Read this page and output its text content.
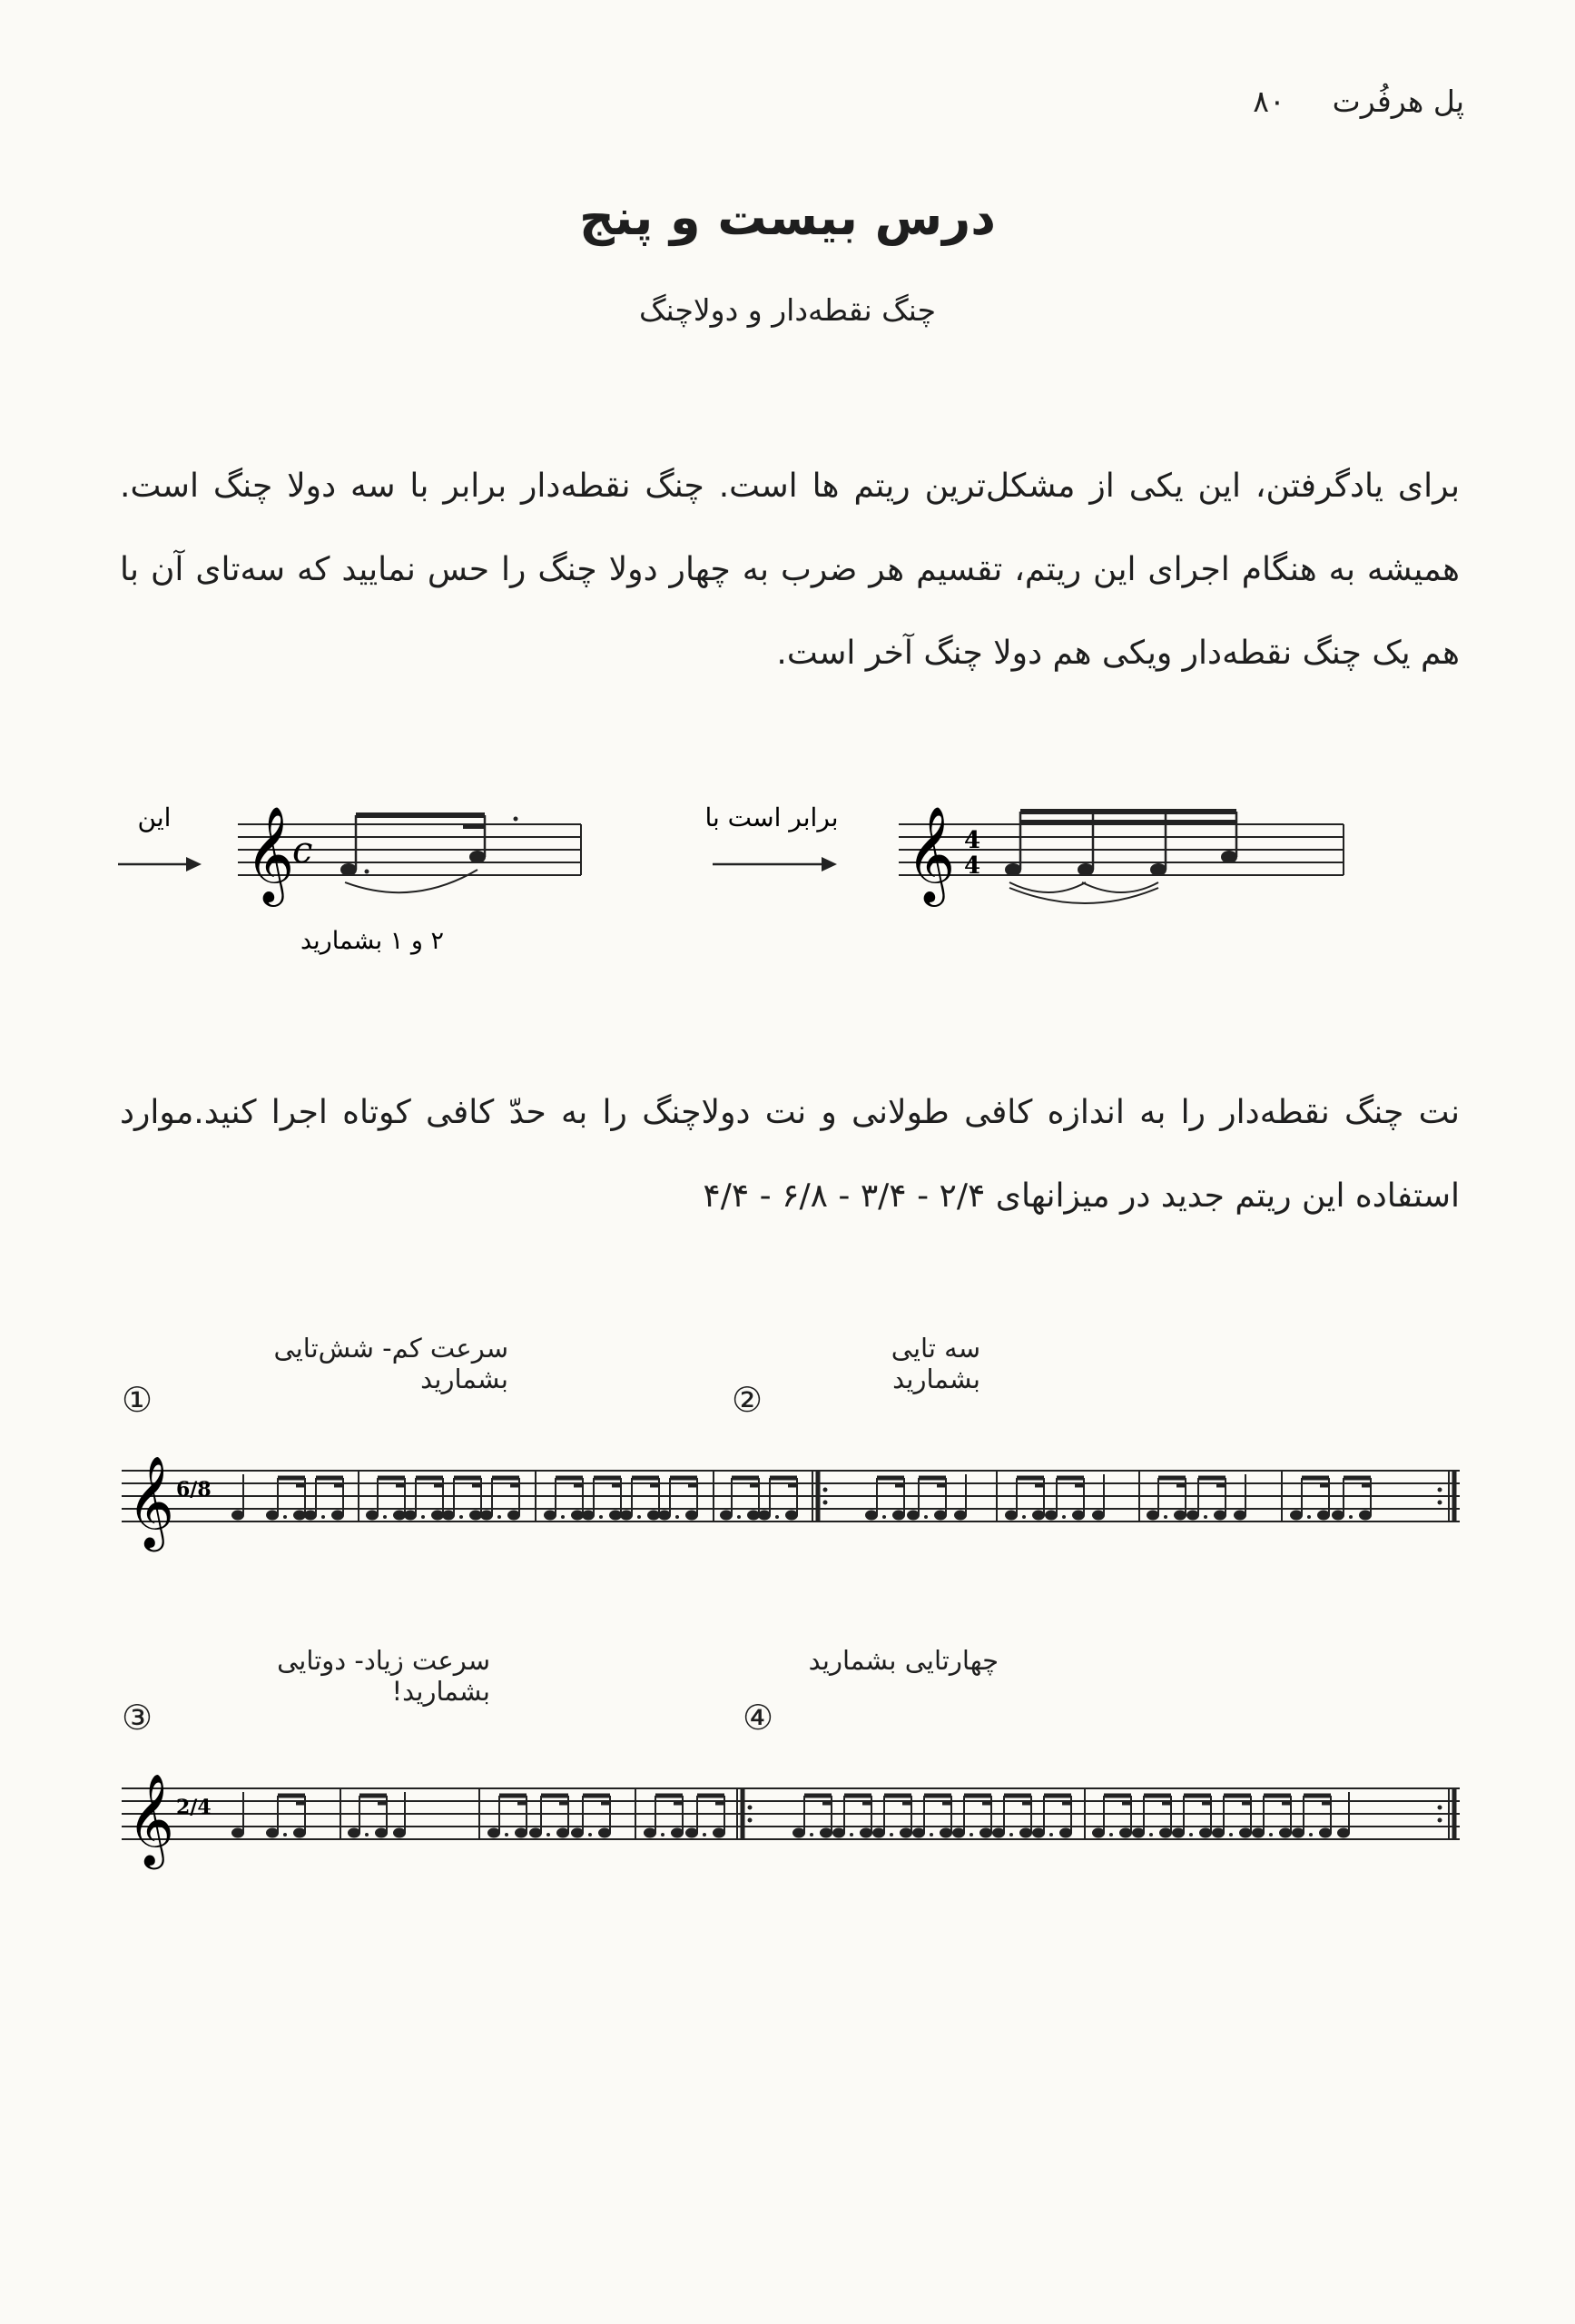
پل هرفُرت
۸۰
درس بیست و پنج
چنگ نقطه‌دار و دولاچنگ
برای یادگرفتن، این یکی از مشکل‌ترین ریتم ها است. چنگ نقطه‌دار برابر با سه دولا چنگ است. همیشه به هنگام اجرای این ریتم، تقسیم هر ضرب به چهار دولا چنگ را حس نمایید که سه‌تای آن با هم یک چنگ نقطه‌دار ویکی هم دولا چنگ آخر است.
این 𝄞
c
۲ و ۱ بشمارید
برابر است با 𝄞 4
4
نت چنگ نقطه‌دار را به اندازه کافی طولانی و نت دولاچنگ را به حدّ کافی کوتاه اجرا کنید.موارد استفاده این ریتم جدید در میزانهای ۲/۴ - ۳/۴ - ۶/۸ - ۴/۴
سرعت کم- شش‌تایی بشمارید
سه تایی بشمارید
①	②
𝄞 6/8
سرعت زیاد- دوتایی بشمارید!
چهارتایی بشمارید
③	④
𝄞 2/4
